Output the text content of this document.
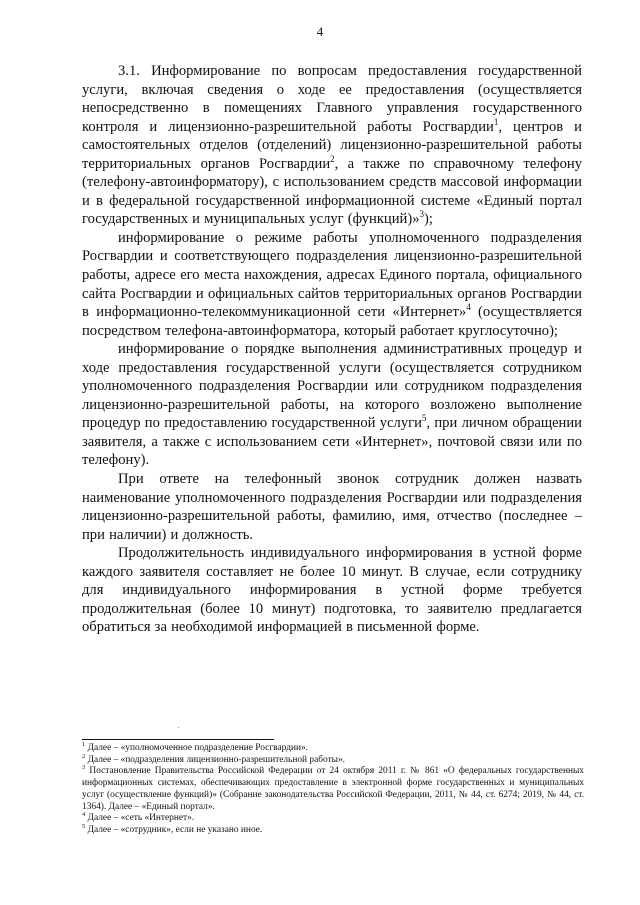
4

3.1. Информирование по вопросам предоставления государственной услуги, включая сведения о ходе ее предоставления (осуществляется непосредственно в помещениях Главного управления государственного контроля и лицензионно-разрешительной работы Росгвардии$^1$, центров и самостоятельных отделов (отделений) лицензионно-разрешительной работы территориальных органов Росгвардии$^2$, а также по справочному телефону (телефону-автоинформатору), с использованием средств массовой информации и в федеральной государственной информационной системе «Единый портал государственных и муниципальных услуг (функций)»$^3$);

информирование о режиме работы уполномоченного подразделения Росгвардии и соответствующего подразделения лицензионно-разрешительной работы, адресе его места нахождения, адресах Единого портала, официального сайта Росгвардии и официальных сайтов территориальных органов Росгвардии в информационно-телекоммуникационной сети «Интернет»$^4$ (осуществляется посредством телефона-автоинформатора, который работает круглосуточно);

информирование о порядке выполнения административных процедур и ходе предоставления государственной услуги (осуществляется сотрудником уполномоченного подразделения Росгвардии или сотрудником подразделения лицензионно-разрешительной работы, на которого возложено выполнение процедур по предоставлению государственной услуги$^5$, при личном обращении заявителя, а также с использованием сети «Интернет», почтовой связи или по телефону).

При ответе на телефонный звонок сотрудник должен назвать наименование уполномоченного подразделения Росгвардии или подразделения лицензионно-разрешительной работы, фамилию, имя, отчество (последнее – при наличии) и должность.

Продолжительность индивидуального информирования в устной форме каждого заявителя составляет не более 10 минут. В случае, если сотруднику для индивидуального информирования в устной форме требуется продолжительная (более 10 минут) подготовка, то заявителю предлагается обратиться за необходимой информацией в письменной форме.

$^1$ Далее – «уполномоченное подразделение Росгвардии».

$^2$ Далее – «подразделения лицензионно-разрешительной работы».

$^3$ Постановление Правительства Российской Федерации от 24 октября 2011 г. № 861 «О федеральных государственных информационных системах, обеспечивающих предоставление в электронной форме государственных и муниципальных услуг (осуществление функций)» (Собрание законодательства Российской Федерации, 2011, № 44, ст. 6274; 2019, № 44, ст. 1364). Далее – «Единый портал».

$^4$ Далее – «сеть «Интернет».

$^5$ Далее – «сотрудник», если не указано иное.
